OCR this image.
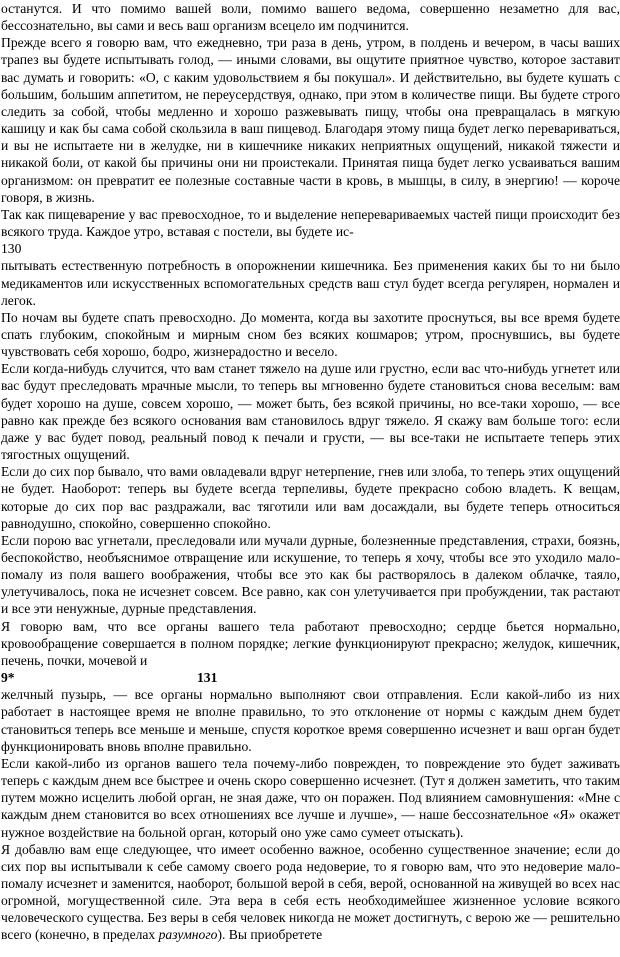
останутся. И что помимо вашей воли, помимо вашего ведома, совершенно незаметно для вас, бессознательно, вы сами и весь ваш организм всецело им подчинится.

Прежде всего я говорю вам, что ежедневно, три раза в день, утром, в полдень и вечером, в часы ваших трапез вы будете испытывать голод, — иными словами, вы ощутите приятное чувство, которое заставит вас думать и говорить: «О, с каким удовольствием я бы покушал». И действительно, вы будете кушать с большим, большим аппетитом, не переусердствуя, однако, при этом в количестве пищи. Вы будете строго следить за собой, чтобы медленно и хорошо разжевывать пищу, чтобы она превращалась в мягкую кашицу и как бы сама собой скользила в ваш пищевод. Благодаря этому пища будет легко перевариваться, и вы не испытаете ни в желудке, ни в кишечнике никаких неприятных ощущений, никакой тяжести и никакой боли, от какой бы причины они ни проистекали. Принятая пища будет легко усваиваться вашим организмом: он превратит ее полезные составные части в кровь, в мышцы, в силу, в энергию! — короче говоря, в жизнь.

Так как пищеварение у вас превосходное, то и выделение неперевариваемых частей пищи происходит без всякого труда. Каждое утро, вставая с постели, вы будете ис-

130

пытывать естественную потребность в опорожнении кишечника. Без применения каких бы то ни было медикаментов или искусственных вспомогательных средств ваш стул будет всегда регулярен, нормален и легок.

По ночам вы будете спать превосходно. До момента, когда вы захотите проснуться, вы все время будете спать глубоким, спокойным и мирным сном без всяких кошмаров; утром, проснувшись, вы будете чувствовать себя хорошо, бодро, жизнерадостно и весело.

Если когда-нибудь случится, что вам станет тяжело на душе или грустно, если вас что-нибудь угнетет или вас будут преследовать мрачные мысли, то теперь вы мгновенно будете становиться снова веселым: вам будет хорошо на душе, совсем хорошо, — может быть, без всякой причины, но все-таки хорошо, — все равно как прежде без всякого основания вам становилось вдруг тяжело. Я скажу вам больше того: если даже у вас будет повод, реальный повод к печали и грусти, — вы все-таки не испытаете теперь этих тягостных ощущений.

Если до сих пор бывало, что вами овладевали вдруг нетерпение, гнев или злоба, то теперь этих ощущений не будет. Наоборот: теперь вы будете всегда терпеливы, будете прекрасно собою владеть. К вещам, которые до сих пор вас раздражали, вас тяготили или вам досаждали, вы будете теперь относиться равнодушно, спокойно, совершенно спокойно.

Если порою вас угнетали, преследовали или мучали дурные, болезненные представления, страхи, боязнь, беспокойство, необъяснимое отвращение или искушение, то теперь я хочу, чтобы все это уходило мало-помалу из поля вашего воображения, чтобы все это как бы растворялось в далеком облачке, таяло, улетучивалось, пока не исчезнет совсем. Все равно, как сон улетучивается при пробуждении, так растают и все эти ненужные, дурные представления.

Я говорю вам, что все органы вашего тела работают превосходно; сердце бьется нормально, кровообращение совершается в полном порядке; легкие функционируют прекрасно; желудок, кишечник, печень, почки, мочевой и

9*	131

желчный пузырь, — все органы нормально выполняют свои отправления. Если какой-либо из них работает в настоящее время не вполне правильно, то это отклонение от нормы с каждым днем будет становиться теперь все меньше и меньше, спустя короткое время совершенно исчезнет и ваш орган будет функционировать вновь вполне правильно.

Если какой-либо из органов вашего тела почему-либо поврежден, то повреждение это будет заживать теперь с каждым днем все быстрее и очень скоро совершенно исчезнет. (Тут я должен заметить, что таким путем можно исцелить любой орган, не зная даже, что он поражен. Под влиянием самовнушения: «Мне с каждым днем становится во всех отношениях все лучше и лучше», — наше бессознательное «Я» окажет нужное воздействие на больной орган, который оно уже само сумеет отыскать).

Я добавлю вам еще следующее, что имеет особенно важное, особенно существенное значение; если до сих пор вы испытывали к себе самому своего рода недоверие, то я говорю вам, что это недоверие мало-помалу исчезнет и заменится, наоборот, большой верой в себя, верой, основанной на живущей во всех нас огромной, могущественной силе. Эта вера в себя есть необходимейшее жизненное условие всякого человеческого существа. Без веры в себя человек никогда не может достигнуть, с верою же — решительно всего (конечно, в пределах разумного). Вы приобретете
